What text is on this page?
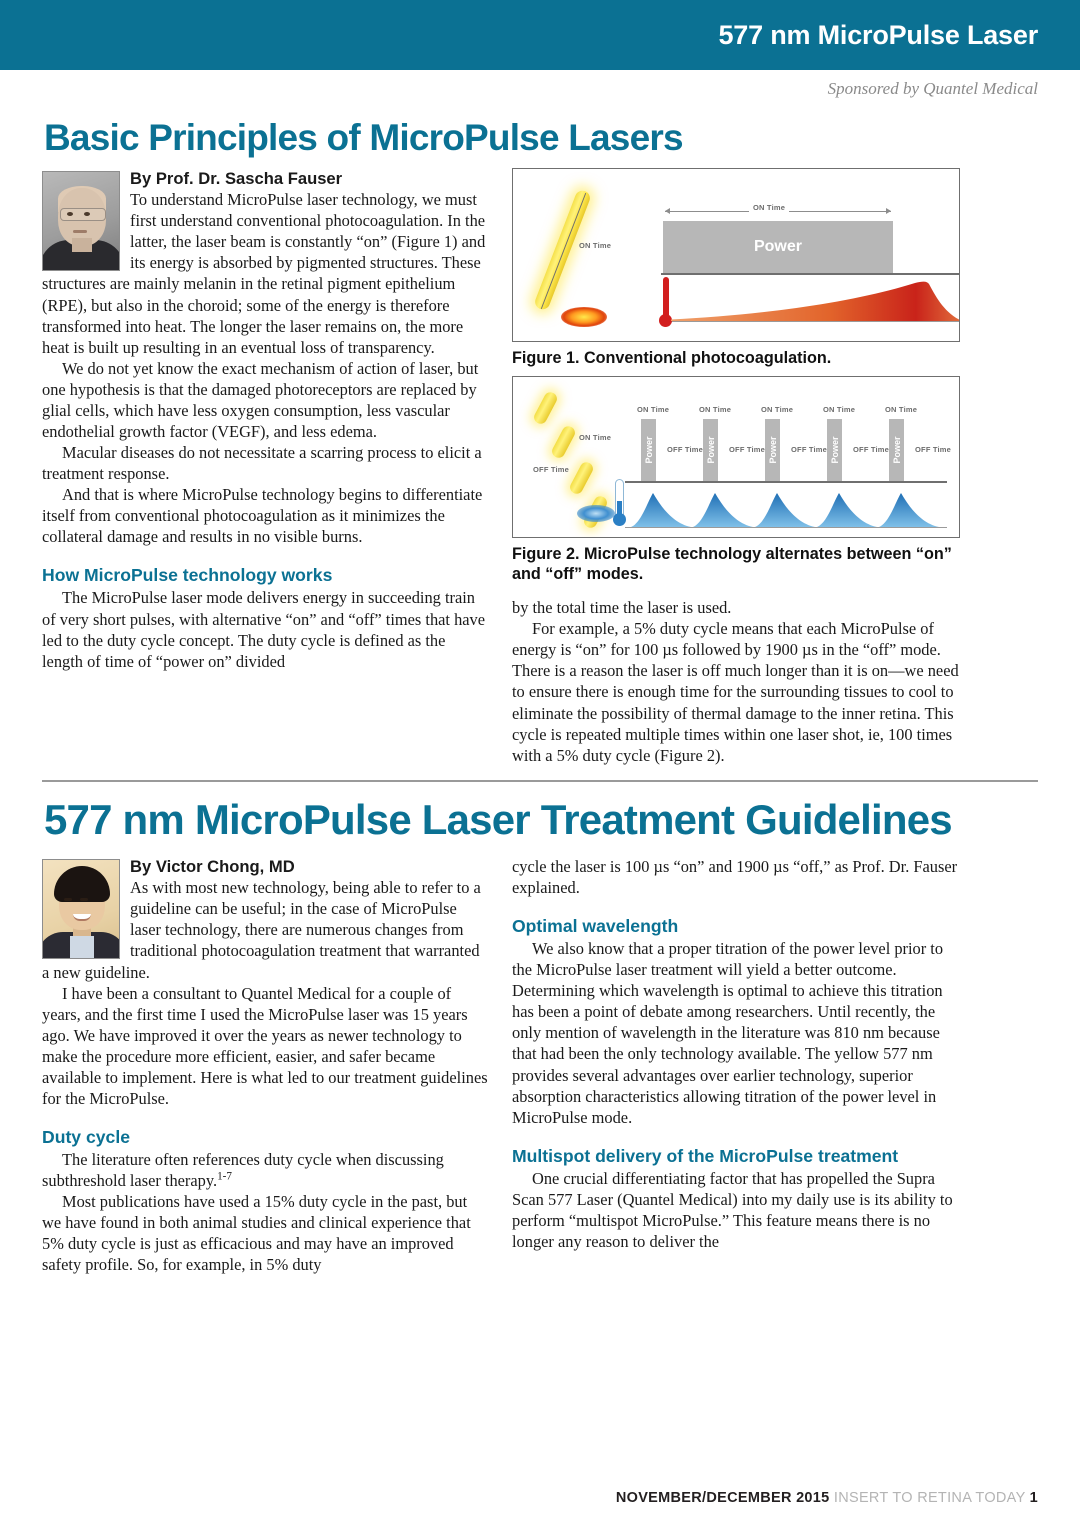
577 nm MicroPulse Laser
Sponsored by Quantel Medical
Basic Principles of MicroPulse Lasers

By Prof. Dr. Sascha Fauser

To understand MicroPulse laser technology, we must first understand conventional photocoagulation. In the latter, the laser beam is constantly “on” (Figure 1) and its energy is absorbed by pigmented structures. These structures are mainly melanin in the retinal pigment epithelium (RPE), but also in the choroid; some of the energy is therefore transformed into heat. The longer the laser remains on, the more heat is built up resulting in an eventual loss of transparency.

We do not yet know the exact mechanism of action of laser, but one hypothesis is that the damaged photoreceptors are replaced by glial cells, which have less oxygen consumption, less vascular endothelial growth factor (VEGF), and less edema.

Macular diseases do not necessitate a scarring process to elicit a treatment response.

And that is where MicroPulse technology begins to differentiate itself from conventional photocoagulation as it minimizes the collateral damage and results in no visible burns.

How MicroPulse technology works

The MicroPulse laser mode delivers energy in succeeding train of very short pulses, with alternative “on” and “off” times that have led to the duty cycle concept. The duty cycle is defined as the length of time of “power on” divided

ON Time
ON Time
Power
Figure 1. Conventional photocoagulation.
ON Time
OFF Time
ON Time
Power OFF Time
ON Time
Power OFF Time
ON Time
Power OFF Time
ON Time
Power OFF Time
ON Time
Power OFF Time
Figure 2. MicroPulse technology alternates between “on” and “off” modes.

by the total time the laser is used.

For example, a 5% duty cycle means that each MicroPulse of energy is “on” for 100 µs followed by 1900 µs in the “off” mode. There is a reason the laser is off much longer than it is on—we need to ensure there is enough time for the surrounding tissues to cool to eliminate the possibility of thermal damage to the inner retina. This cycle is repeated multiple times within one laser shot, ie, 100 times with a 5% duty cycle (Figure 2).

577 nm MicroPulse Laser Treatment Guidelines

By Victor Chong, MD

As with most new technology, being able to refer to a guideline can be useful; in the case of MicroPulse laser technology, there are numerous changes from traditional photocoagulation treatment that warranted a new guideline.

I have been a consultant to Quantel Medical for a couple of years, and the first time I used the MicroPulse laser was 15 years ago. We have improved it over the years as newer technology to make the procedure more efficient, easier, and safer became available to implement. Here is what led to our treatment guidelines for the MicroPulse.

Duty cycle

The literature often references duty cycle when discussing subthreshold laser therapy.$^{1-7}$

Most publications have used a 15% duty cycle in the past, but we have found in both animal studies and clinical experience that 5% duty cycle is just as efficacious and may have an improved safety profile. So, for example, in 5% duty

cycle the laser is 100 µs “on” and 1900 µs “off,” as Prof. Dr. Fauser explained.

Optimal wavelength

We also know that a proper titration of the power level prior to the MicroPulse laser treatment will yield a better outcome. Determining which wavelength is optimal to achieve this titration has been a point of debate among researchers. Until recently, the only mention of wavelength in the literature was 810 nm because that had been the only technology available. The yellow 577 nm provides several advantages over earlier technology, superior absorption characteristics allowing titration of the power level in MicroPulse mode.

Multispot delivery of the MicroPulse treatment

One crucial differentiating factor that has propelled the Supra Scan 577 Laser (Quantel Medical) into my daily use is its ability to perform “multispot MicroPulse.” This feature means there is no longer any reason to deliver the

NOVEMBER/DECEMBER 2015 INSERT TO RETINA TODAY 1
